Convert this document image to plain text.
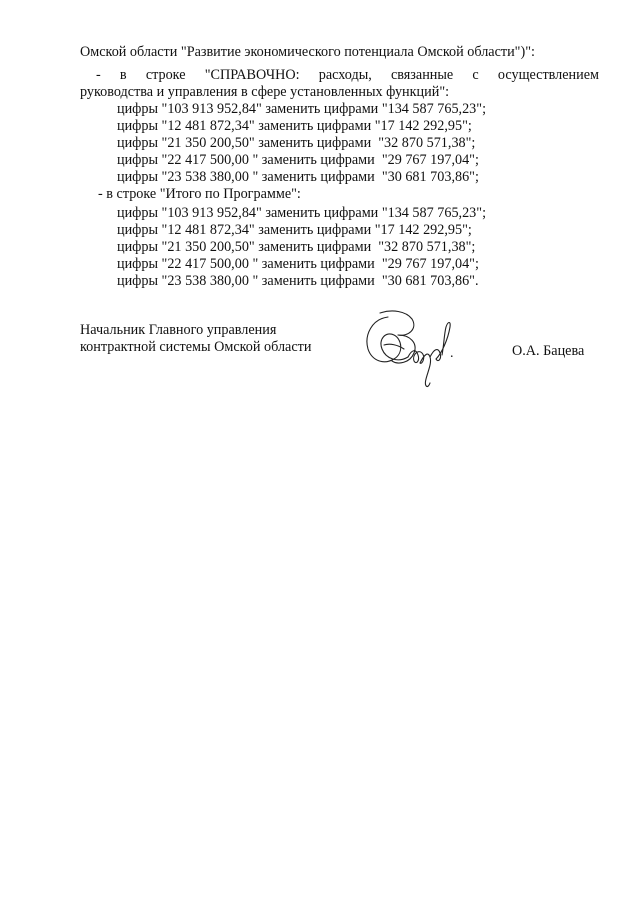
Омской области "Развитие экономического потенциала Омской области")":
- в строке "СПРАВОЧНО: расходы, связанные с осуществлением
руководства и управления в сфере установленных функций":
цифры "103 913 952,84" заменить цифрами "134 587 765,23";
цифры "12 481 872,34" заменить цифрами "17 142 292,95";
цифры "21 350 200,50" заменить цифрами  "32 870 571,38";
цифры "22 417 500,00 " заменить цифрами  "29 767 197,04";
цифры "23 538 380,00 " заменить цифрами  "30 681 703,86";
- в строке "Итого по Программе":
цифры "103 913 952,84" заменить цифрами "134 587 765,23";
цифры "12 481 872,34" заменить цифрами "17 142 292,95";
цифры "21 350 200,50" заменить цифрами  "32 870 571,38";
цифры "22 417 500,00 " заменить цифрами  "29 767 197,04";
цифры "23 538 380,00 " заменить цифрами  "30 681 703,86".
Начальник Главного управления
контрактной системы Омской области	.	О.А. Бацева
